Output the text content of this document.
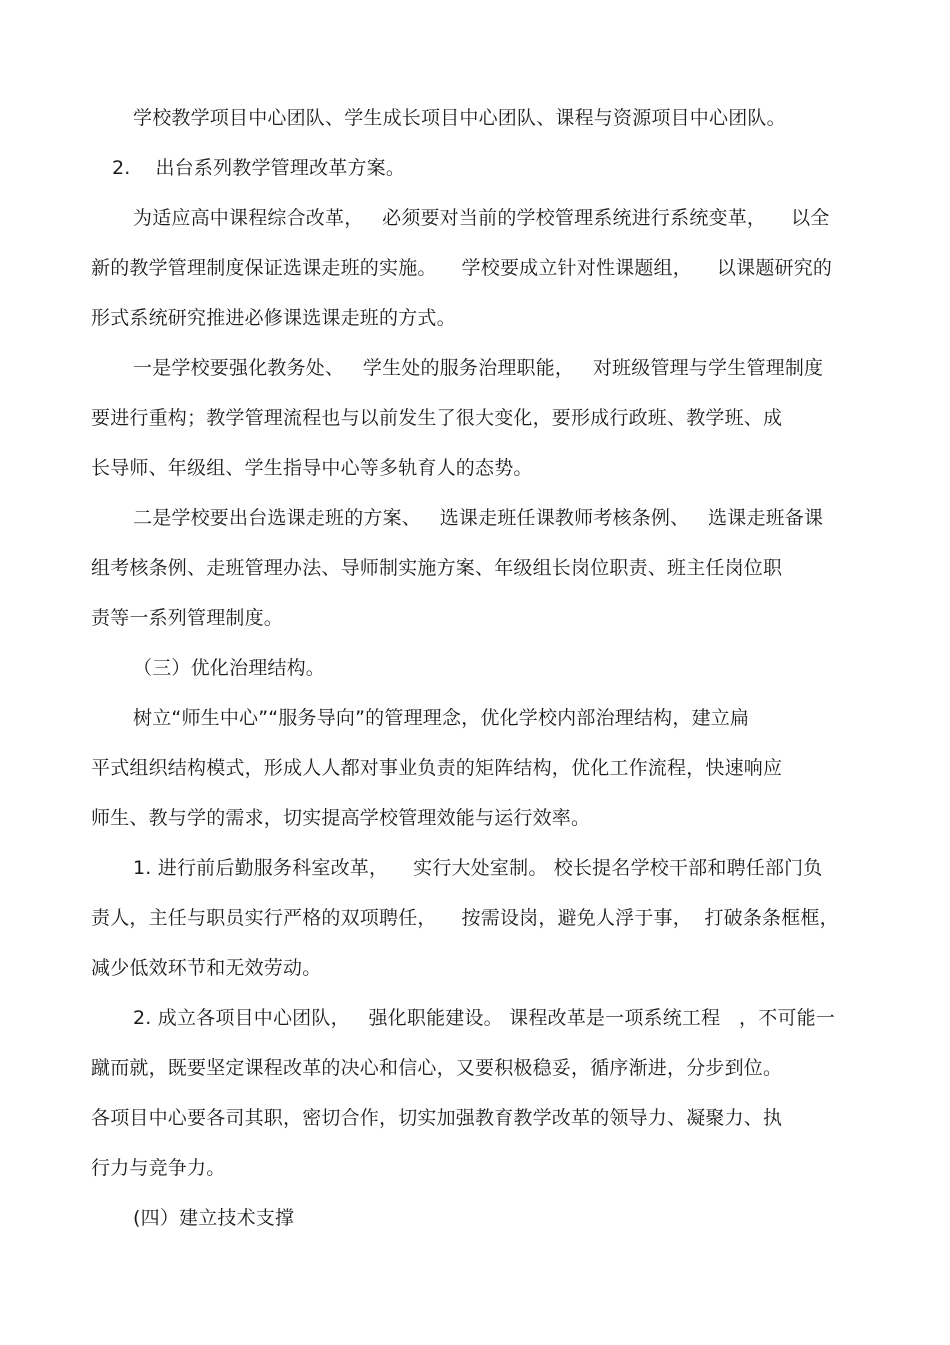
学校教学项目中心团队、学生成长项目中心团队、课程与资源项目中心团队。
2.    出台系列教学管理改革方案。
为适应高中课程综合改革，   必须要对当前的学校管理系统进行系统变革，    以全
新的教学管理制度保证选课走班的实施。    学校要成立针对性课题组，    以课题研究的
形式系统研究推进必修课选课走班的方式。
一是学校要强化教务处、   学生处的服务治理职能，   对班级管理与学生管理制度
要进行重构；教学管理流程也与以前发生了很大变化，要形成行政班、教学班、成
长导师、年级组、学生指导中心等多轨育人的态势。
二是学校要出台选课走班的方案、   选课走班任课教师考核条例、   选课走班备课
组考核条例、走班管理办法、导师制实施方案、年级组长岗位职责、班主任岗位职
责等一系列管理制度。
（三）优化治理结构。
树立“师生中心”“服务导向”的管理理念，优化学校内部治理结构，建立扁
平式组织结构模式，形成人人都对事业负责的矩阵结构，优化工作流程，快速响应
师生、教与学的需求，切实提高学校管理效能与运行效率。
1. 进行前后勤服务科室改革，    实行大处室制。 校长提名学校干部和聘任部门负
责人，主任与职员实行严格的双项聘任，    按需设岗，避免人浮于事，  打破条条框框，
减少低效环节和无效劳动。
2. 成立各项目中心团队，   强化职能建设。 课程改革是一项系统工程   ，不可能一
蹴而就，既要坚定课程改革的决心和信心，又要积极稳妥，循序渐进，分步到位。
各项目中心要各司其职，密切合作，切实加强教育教学改革的领导力、凝聚力、执
行力与竞争力。
(四）建立技术支撑
